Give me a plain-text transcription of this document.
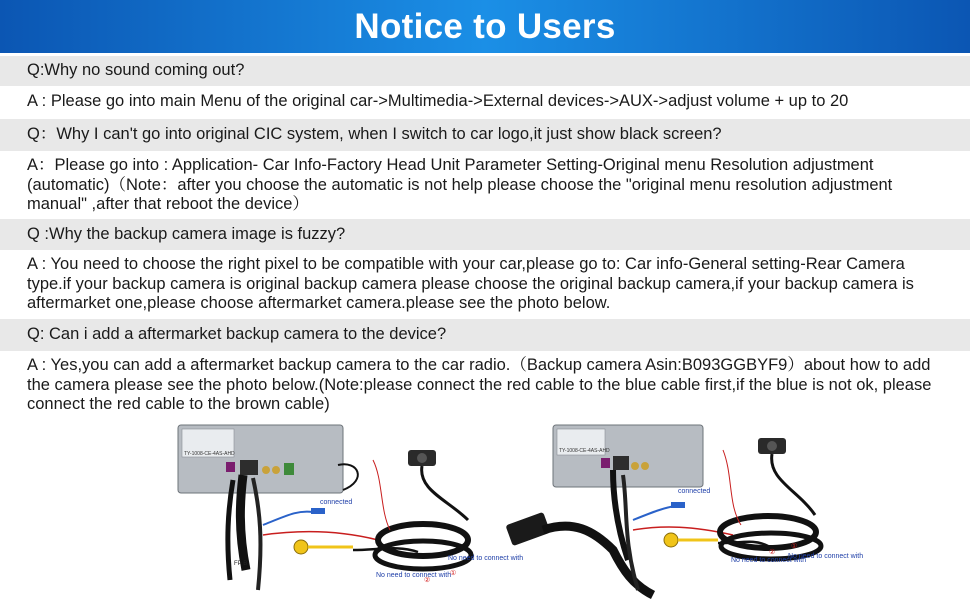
Notice to Users
Q:Why no sound coming out?
A : Please go into main Menu of the original car->Multimedia->External devices->AUX->adjust volume + up to 20
Q：Why I can't go into original CIC system, when I switch to car logo,it just show black screen?
A：Please go into : Application- Car Info-Factory Head Unit Parameter Setting-Original menu Resolution adjustment (automatic)（Note：after you choose the automatic is not help please choose the "original menu resolution adjustment manual" ,after that reboot the device）
Q :Why the backup camera image is fuzzy?
A : You need to choose the right pixel to be compatible with your car,please go to: Car info-General setting-Rear Camera type.if your backup camera is original backup camera please choose the original backup camera,if your backup camera is aftermarket one,please choose aftermarket camera.please see the photo below.
Q: Can i add a aftermarket backup camera to the device?
A : Yes,you can add a aftermarket backup camera to the car radio.（Backup camera Asin:B093GGBYF9）about how to add the camera please see the photo below.(Note:please connect the red cable to the blue cable first,if the blue is not ok, please connect the red cable to the brown cable)
TY-1008-CE-4AS-AHD
connected
No need to connect with
①
No need to connect with
②
FP B
TY-1008-CE-4AS-AHD
connected
No need to connect with
①
No need to connect with
②
